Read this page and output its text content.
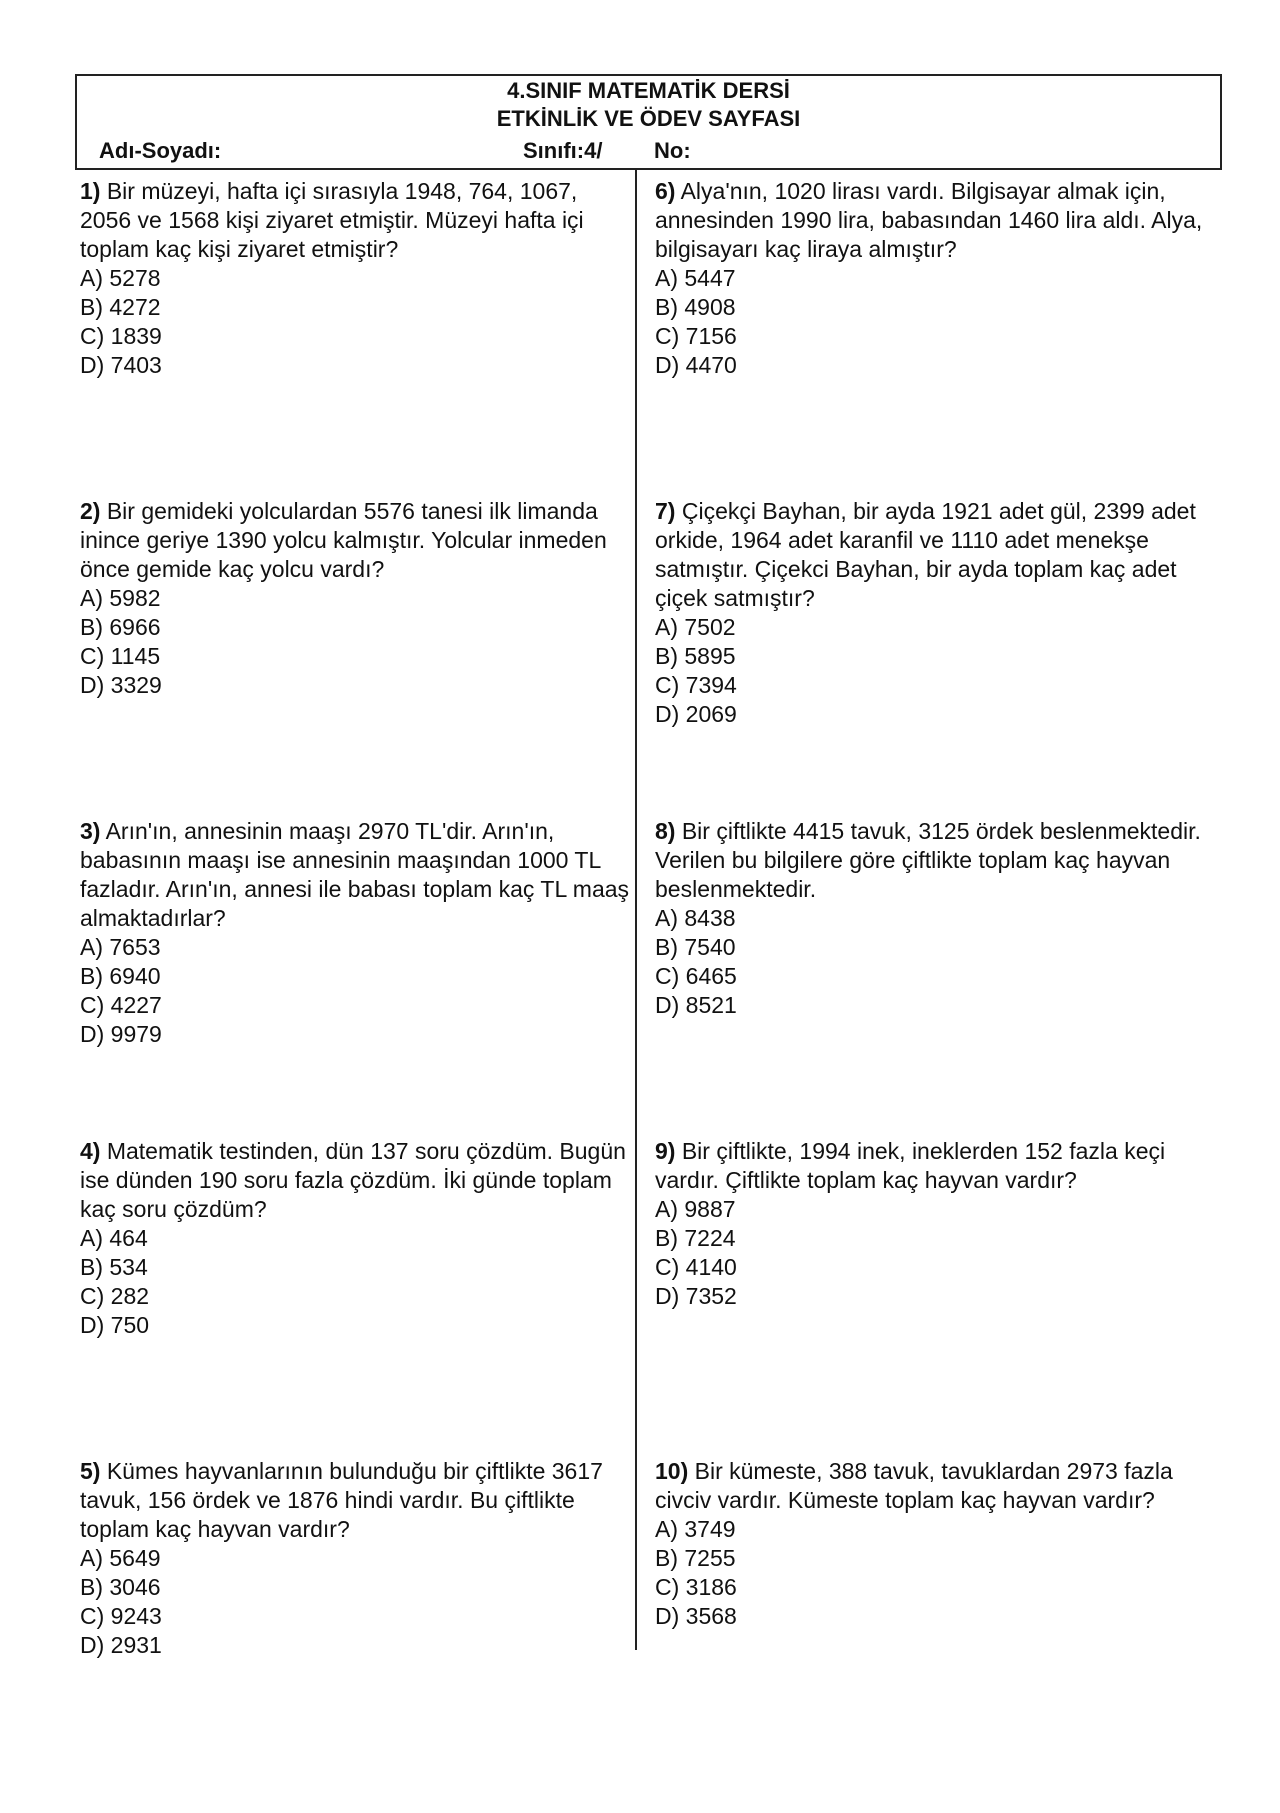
4.SINIF MATEMATİK DERSİ
ETKİNLİK VE ÖDEV SAYFASI
Adı-Soyadı:	Sınıfı:4/ No:

1) Bir müzeyi, hafta içi sırasıyla 1948, 764, 1067, 2056 ve 1568 kişi ziyaret etmiştir. Müzeyi hafta içi toplam kaç kişi ziyaret etmiştir?

A) 5278

B) 4272

C) 1839

D) 7403

2) Bir gemideki yolculardan 5576 tanesi ilk limanda inince geriye 1390 yolcu kalmıştır. Yolcular inmeden önce gemide kaç yolcu vardı?

A) 5982

B) 6966

C) 1145

D) 3329

3) Arın'ın, annesinin maaşı 2970 TL'dir. Arın'ın, babasının maaşı ise annesinin maaşından 1000 TL fazladır. Arın'ın, annesi ile babası toplam kaç TL maaş almaktadırlar?

A) 7653

B) 6940

C) 4227

D) 9979

4) Matematik testinden, dün 137 soru çözdüm. Bugün ise dünden 190 soru fazla çözdüm. İki günde toplam kaç soru çözdüm?

A) 464

B) 534

C) 282

D) 750

5) Kümes hayvanlarının bulunduğu bir çiftlikte 3617 tavuk, 156 ördek ve 1876 hindi vardır. Bu çiftlikte toplam kaç hayvan vardır?

A) 5649

B) 3046

C) 9243

D) 2931

6) Alya'nın, 1020 lirası vardı. Bilgisayar almak için, annesinden 1990 lira, babasından 1460 lira aldı. Alya, bilgisayarı kaç liraya almıştır?

A) 5447

B) 4908

C) 7156

D) 4470

7) Çiçekçi Bayhan, bir ayda 1921 adet gül, 2399 adet orkide, 1964 adet karanfil ve 1110 adet menekşe satmıştır. Çiçekci Bayhan, bir ayda toplam kaç adet çiçek satmıştır?

A) 7502

B) 5895

C) 7394

D) 2069

8) Bir çiftlikte 4415 tavuk, 3125 ördek beslenmektedir.
Verilen bu bilgilere göre çiftlikte toplam kaç hayvan beslenmektedir.

A) 8438

B) 7540

C) 6465

D) 8521

9) Bir çiftlikte, 1994 inek, ineklerden 152 fazla keçi vardır. Çiftlikte toplam kaç hayvan vardır?

A) 9887

B) 7224

C) 4140

D) 7352

10) Bir kümeste, 388 tavuk, tavuklardan 2973 fazla civciv vardır. Kümeste toplam kaç hayvan vardır?

A) 3749

B) 7255

C) 3186

D) 3568
